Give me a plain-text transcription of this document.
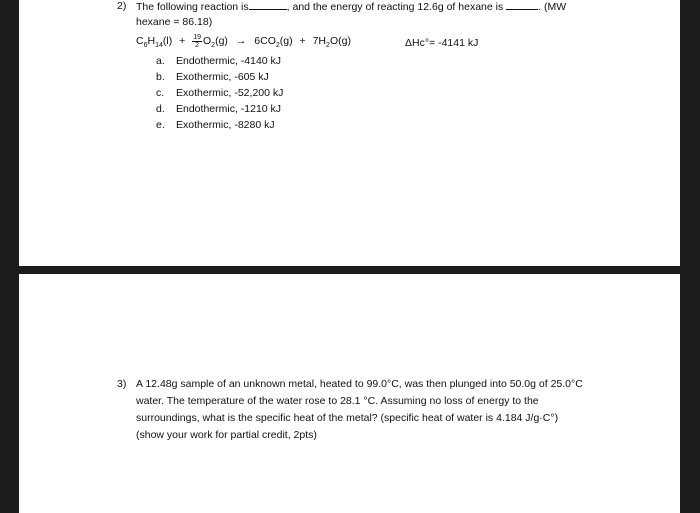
2) The following reaction is	, and the energy of reacting 12.6g of hexane is	. (MW
hexane = 86.18)
$C_6H_{14}(l) + \frac{19}{2} O_2(g) \to 6CO_2(g) + 7H_2O(g)$	ΔHc°= -4141 kJ
a. Endothermic, -4140 kJ
b. Exothermic, -605 kJ
c. Exothermic, -52,200 kJ
d. Endothermic, -1210 kJ
e. Exothermic, -8280 kJ
3) A 12.48g sample of an unknown metal, heated to 99.0°C, was then plunged into 50.0g of 25.0°C
water. The temperature of the water rose to 28.1 °C. Assuming no loss of energy to the
surroundings, what is the specific heat of the metal? (specific heat of water is 4.184 J/g·C°)
(show your work for partial credit, 2pts)
